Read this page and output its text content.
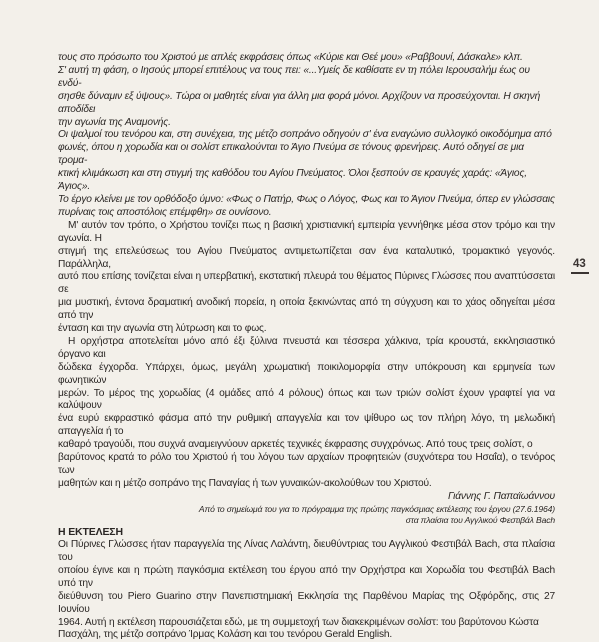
τους στο πρόσωπο του Χριστού με απλές εκφράσεις όπως «Κύριε και Θεέ μου» «Ραββουνί, Δάσκαλε» κλπ.
Σ' αυτή τη φάση, ο Ιησούς μπορεί επιτέλους να τους πει: «...Υμείς δε καθίσατε εν τη πόλει Ιερουσαλήμ έως ου ενδύ-
σησθε δύναμιν εξ ύψους». Τώρα οι μαθητές είναι για άλλη μια φορά μόνοι. Αρχίζουν να προσεύχονται. Η σκηνή αποδίδει
την αγωνία της Αναμονής.

Οι ψαλμοί του τενόρου και, στη συνέχεια, της μέτζο σοπράνο οδηγούν σ' ένα εναγώνιο συλλογικό οικοδόμημα από
φωνές, όπου η χορωδία και οι σολίστ επικαλούνται το Άγιο Πνεύμα σε τόνους φρενήρεις. Αυτό οδηγεί σε μια τρομα-
κτική κλιμάκωση και στη στιγμή της καθόδου του Αγίου Πνεύματος. Όλοι ξεσπούν σε κραυγές χαράς: «Άγιος, Άγιος».
Το έργο κλείνει με τον ορθόδοξο ύμνο: «Φως ο Πατήρ, Φως ο Λόγος, Φως και το Άγιον Πνεύμα, όπερ εν γλώσσαις
πυρίναις τοις αποστόλοις επέμφθη» σε ουνίσονο.

Μ' αυτόν τον τρόπο, ο Χρήστου τονίζει πως η βασική χριστιανική εμπειρία γεννήθηκε μέσα στον τρόμο και την αγωνία. Η
στιγμή της επελεύσεως του Αγίου Πνεύματος αντιμετωπίζεται σαν ένα καταλυτικό, τρομακτικό γεγονός. Παράλληλα,
αυτό που επίσης τονίζεται είναι η υπερβατική, εκστατική πλευρά του θέματος Πύρινες Γλώσσες που αναπτύσσεται σε
μια μυστική, έντονα δραματική ανοδική πορεία, η οποία ξεκινώντας από τη σύγχυση και το χάος οδηγείται μέσα από την
ένταση και την αγωνία στη λύτρωση και το φως.

Η ορχήστρα αποτελείται μόνο από έξι ξύλινα πνευστά και τέσσερα χάλκινα, τρία κρουστά, εκκλησιαστικό όργανο και
δώδεκα έγχορδα. Υπάρχει, όμως, μεγάλη χρωματική ποικιλομορφία στην υπόκρουση και ερμηνεία των φωνητικών
μερών. Το μέρος της χορωδίας (4 ομάδες από 4 ρόλους) όπως και των τριών σολίστ έχουν γραφτεί για να καλύψουν
ένα ευρύ εκφραστικό φάσμα από την ρυθμική απαγγελία και τον ψίθυρο ως τον πλήρη λόγο, τη μελωδική απαγγελία ή το
καθαρό τραγούδι, που συχνά αναμειγνύουν αρκετές τεχνικές έκφρασης συγχρόνως. Από τους τρεις σολίστ, ο
βαρύτονος κρατά το ρόλο του Χριστού ή του λόγου των αρχαίων προφητειών (συχνότερα του Ησαΐα), ο τενόρος των
μαθητών και η μέτζο σοπράνο της Παναγίας ή των γυναικών-ακολούθων του Χριστού.

Γιάννης Γ. Παπαϊωάννου

Από το σημείωμά του για το πρόγραμμα της πρώτης παγκόσμιας εκτέλεσης του έργου (27.6.1964)
στα πλαίσια του Αγγλικού Φεστιβάλ Bach

Η ΕΚΤΕΛΕΣΗ

Οι Πύρινες Γλώσσες ήταν παραγγελία της Λίνας Λαλάντη, διευθύντριας του Αγγλικού Φεστιβάλ Bach, στα πλαίσια του
οποίου έγινε και η πρώτη παγκόσμια εκτέλεση του έργου από την Ορχήστρα και Χορωδία του Φεστιβάλ Bach υπό την
διεύθυνση του Piero Guarino στην Πανεπιστημιακή Εκκλησία της Παρθένου Μαρίας της Οξφόρδης, στις 27 Ιουνίου
1964. Αυτή η εκτέλεση παρουσιάζεται εδώ, με τη συμμετοχή των διακεκριμένων σολίστ: του βαρύτονου Κώστα
Πασχάλη, της μέτζο σοπράνο Ίρμας Κολάση και του τενόρου Gerald English.

43
